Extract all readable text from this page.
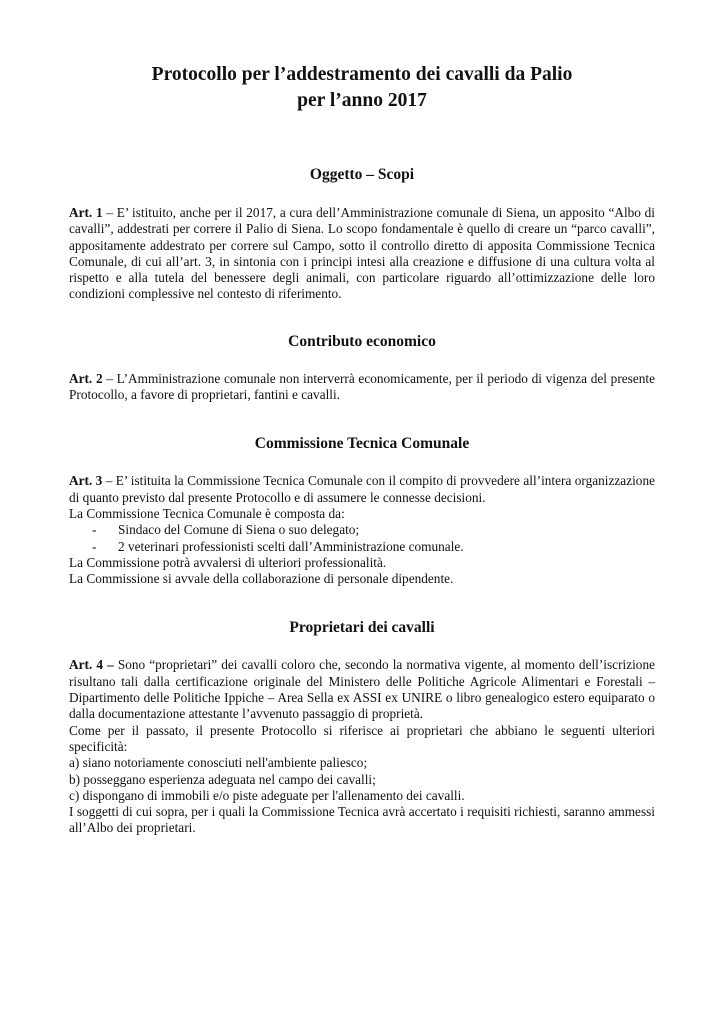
Protocollo per l’addestramento dei cavalli da Palio
per l’anno 2017
Oggetto – Scopi

Art. 1 – E’ istituito, anche per il 2017, a cura dell’Amministrazione comunale di Siena, un apposito “Albo di cavalli”, addestrati per correre il Palio di Siena. Lo scopo fondamentale è quello di creare un “parco cavalli”, appositamente addestrato per correre sul Campo, sotto il controllo diretto di apposita Commissione Tecnica Comunale, di cui all’art. 3, in sintonia con i principi intesi alla creazione e diffusione di una cultura volta al rispetto e alla tutela del benessere degli animali, con particolare riguardo all’ottimizzazione delle loro condizioni complessive nel contesto di riferimento.

Contributo economico

Art. 2 – L’Amministrazione comunale non interverrà economicamente, per il periodo di vigenza del presente Protocollo, a favore di proprietari, fantini e cavalli.

Commissione Tecnica Comunale

Art. 3 – E’ istituita la Commissione Tecnica Comunale con il compito di provvedere all’intera organizzazione di quanto previsto dal presente Protocollo e di assumere le connesse decisioni.

La Commissione Tecnica Comunale è composta da:

- Sindaco del Comune di Siena o suo delegato;
- 2 veterinari professionisti scelti dall’Amministrazione comunale.

La Commissione potrà avvalersi di ulteriori professionalità.

La Commissione si avvale della collaborazione di personale dipendente.

Proprietari dei cavalli

Art. 4 – Sono “proprietari” dei cavalli coloro che, secondo la normativa vigente, al momento dell’iscrizione risultano tali dalla certificazione originale del Ministero delle Politiche Agricole Alimentari e Forestali – Dipartimento delle Politiche Ippiche – Area Sella ex ASSI ex UNIRE o libro genealogico estero equiparato o dalla documentazione attestante l’avvenuto passaggio di proprietà.

Come per il passato, il presente Protocollo si riferisce ai proprietari che abbiano le seguenti ulteriori specificità:

a) siano notoriamente conosciuti nell'ambiente paliesco;

b) posseggano esperienza adeguata nel campo dei cavalli;

c) dispongano di immobili e/o piste adeguate per l'allenamento dei cavalli.

I soggetti di cui sopra, per i quali la Commissione Tecnica avrà accertato i requisiti richiesti, saranno ammessi all’Albo dei proprietari.
